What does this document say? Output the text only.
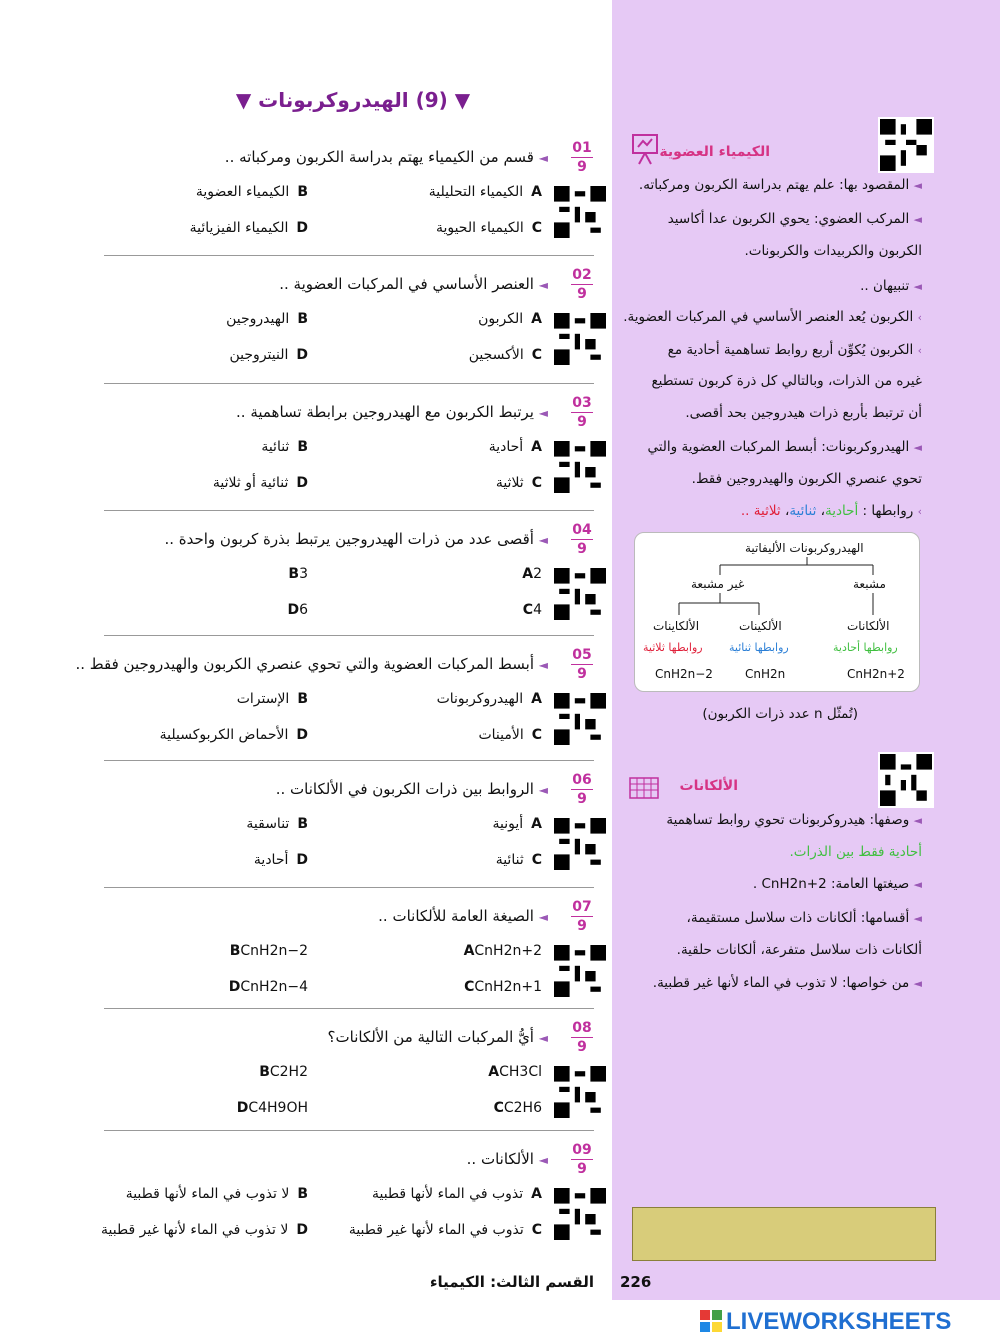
الكيمياء العضوية
◄ المقصود بها: علم يهتم بدراسة الكربون ومركباته.
◄ المركب العضوي: يحوي الكربون عدا أكاسيد
الكربون والكربيدات والكربونات.
◄ تنبيهان ..
› الكربون يُعد العنصر الأساسي في المركبات العضوية.
› الكربون يُكوِّن أربع روابط تساهمية أحادية مع
غيره من الذرات، وبالتالي كل ذرة كربون تستطيع
أن ترتبط بأربع ذرات هيدروجين بحد أقصى.
◄ الهيدروكربونات: أبسط المركبات العضوية والتي
تحوي عنصري الكربون والهيدروجين فقط.
› روابطها : أحادية، ثنائية، ثلاثية ..
الهيدروكربونات الأليفاتية
غير مشبعة	مشبعة
الألكاينات	الألكينات	الألكانات
روابطها ثلاثية روابطها ثنائية	روابطها أحادية
CnH2n−2	CnH2n	CnH2n+2
(تُمثّل n عدد ذرات الكربون)
الألكانات
◄ وصفها: هيدروكربونات تحوي روابط تساهمية
أحادية فقط بين الذرات.
◄ صيغتها العامة: CnH2n+2 .
◄ أقسامها: ألكانات ذات سلاسل مستقيمة،
ألكانات ذات سلاسل متفرعة، ألكانات حلقية.
◄ من خواصها: لا تذوب في الماء لأنها غير قطبية.
▼ (9) الهيدروكربونات ▼
01
9
◄ قسم من الكيمياء يهتم بدراسة الكربون ومركباته ..
Aالكيمياء التحليلية
Bالكيمياء العضوية
Cالكيمياء الحيوية
Dالكيمياء الفيزيائية
02
9
◄ العنصر الأساسي في المركبات العضوية ..
Aالكربون
Bالهيدروجين
Cالأكسجين
Dالنيتروجين
03
9
◄ يرتبط الكربون مع الهيدروجين برابطة تساهمية ..
Aأحادية
Bثنائية
Cثلاثية
Dثنائية أو ثلاثية
04
9
◄ أقصى عدد من ذرات الهيدروجين يرتبط بذرة كربون واحدة ..
A2
B3
C4
D6
05
9
◄ أبسط المركبات العضوية والتي تحوي عنصري الكربون والهيدروجين فقط ..
Aالهيدروكربونات
Bالإسترات
Cالأمينات
Dالأحماض الكربوكسيلية
06
9
◄ الروابط بين ذرات الكربون في الألكانات ..
Aأيونية
Bتناسقية
Cثنائية
Dأحادية
07
9
◄ الصيغة العامة للألكانات ..
ACnH2n+2
BCnH2n−2
CCnH2n+1
DCnH2n−4
08
9
◄ أيُّ المركبات التالية من الألكانات؟
ACH3Cl
BC2H2
CC2H6
DC4H9OH
09
9
◄ الألكانات ..
Aتذوب في الماء لأنها قطبية
Bلا تذوب في الماء لأنها قطبية
Cتذوب في الماء لأنها غير قطبية
Dلا تذوب في الماء لأنها غير قطبية
القسم الثالث: الكيمياء 226
LIVEWORKSHEETS
